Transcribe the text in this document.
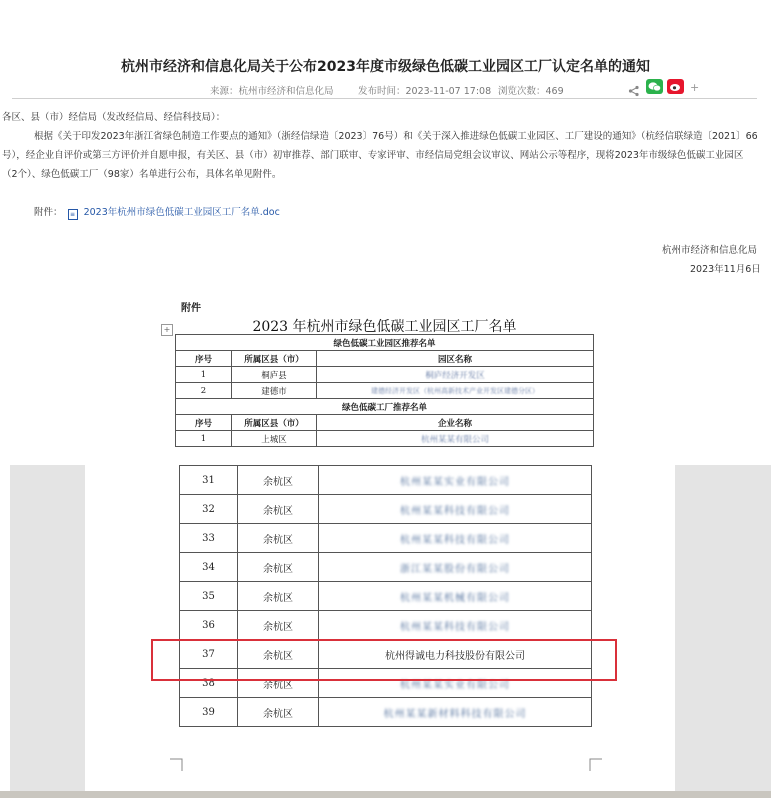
杭州市经济和信息化局关于公布2023年度市级绿色低碳工业园区工厂认定名单的通知
来源：杭州市经济和信息化局	发布时间：2023-11-07 17:08 浏览次数：469	+
各区、县（市）经信局（发改经信局、经信科技局）：
根据《关于印发2023年浙江省绿色制造工作要点的通知》（浙经信绿造〔2023〕76号）和《关于深入推进绿色低碳工业园区、工厂建设的通知》（杭经信联绿造〔2021〕66
号），经企业自评价或第三方评价并自愿申报，有关区、县（市）初审推荐、部门联审、专家评审、市经信局党组会议审议、网站公示等程序，现将2023年市级绿色低碳工业园区
（2个）、绿色低碳工厂（98家）名单进行公布，具体名单见附件。
附件： ≡ 2023年杭州市绿色低碳工业园区工厂名单.doc
杭州市经济和信息化局
2023年11月6日
附件
+	2023 年杭州市绿色低碳工业园区工厂名单
绿色低碳工业园区推荐名单		
序号	所属区县（市）	园区名称
1	桐庐县	桐庐经济开发区
2	建德市	建德经济开发区（杭州高新技术产业开发区建德分区）
绿色低碳工厂推荐名单		
序号	所属区县（市）	企业名称
1	上城区	杭州某某有限公司
31	余杭区	杭州某某实业有限公司
32	余杭区	杭州某某科技有限公司
33	余杭区	杭州某某科技有限公司
34	余杭区	浙江某某股份有限公司
35	余杭区	杭州某某机械有限公司
36	余杭区	杭州某某科技有限公司
37	余杭区	杭州得诚电力科技股份有限公司
38	余杭区	杭州某某实业有限公司
39	余杭区	杭州某某新材料科技有限公司
